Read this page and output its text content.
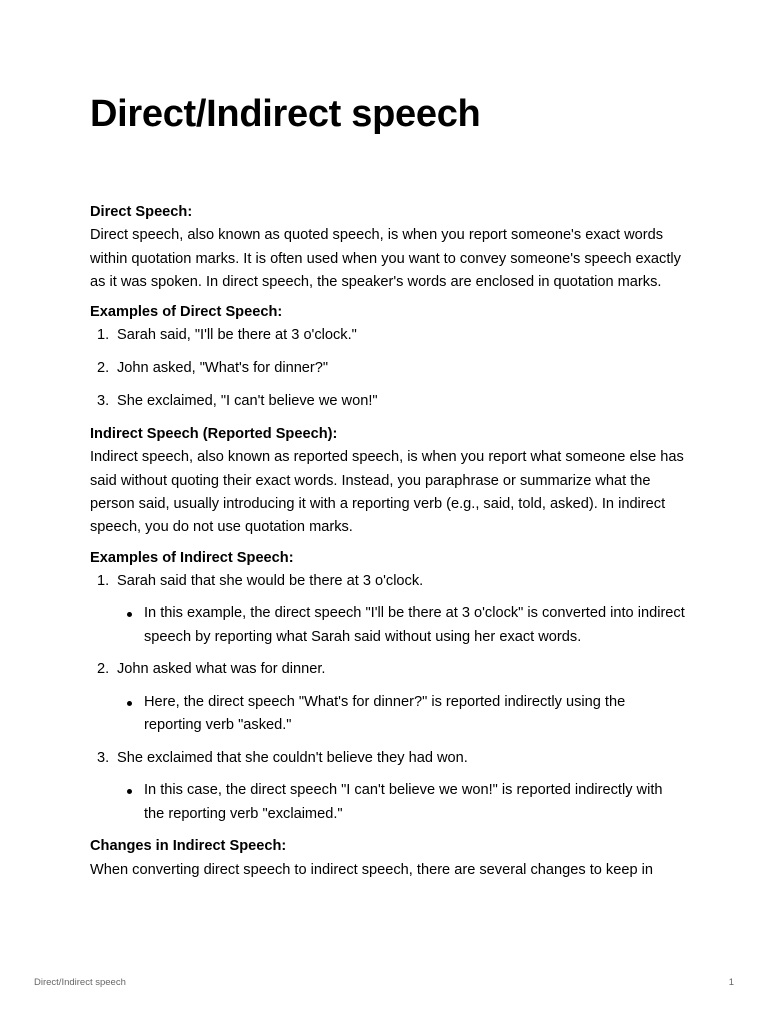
Direct/Indirect speech

Direct Speech:

Direct speech, also known as quoted speech, is when you report someone's exact words within quotation marks. It is often used when you want to convey someone's speech exactly as it was spoken. In direct speech, the speaker's words are enclosed in quotation marks.

Examples of Direct Speech:

1. Sarah said, "I'll be there at 3 o'clock."
2. John asked, "What's for dinner?"
3. She exclaimed, "I can't believe we won!"

Indirect Speech (Reported Speech):

Indirect speech, also known as reported speech, is when you report what someone else has said without quoting their exact words. Instead, you paraphrase or summarize what the person said, usually introducing it with a reporting verb (e.g., said, told, asked). In indirect speech, you do not use quotation marks.

Examples of Indirect Speech:

1. Sarah said that she would be there at 3 o'clock.
In this example, the direct speech "I'll be there at 3 o'clock" is converted into indirect speech by reporting what Sarah said without using her exact words.
2. John asked what was for dinner.
Here, the direct speech "What's for dinner?" is reported indirectly using the reporting verb "asked."
3. She exclaimed that she couldn't believe they had won.
In this case, the direct speech "I can't believe we won!" is reported indirectly with the reporting verb "exclaimed."

Changes in Indirect Speech:

When converting direct speech to indirect speech, there are several changes to keep in

Direct/Indirect speech	1
